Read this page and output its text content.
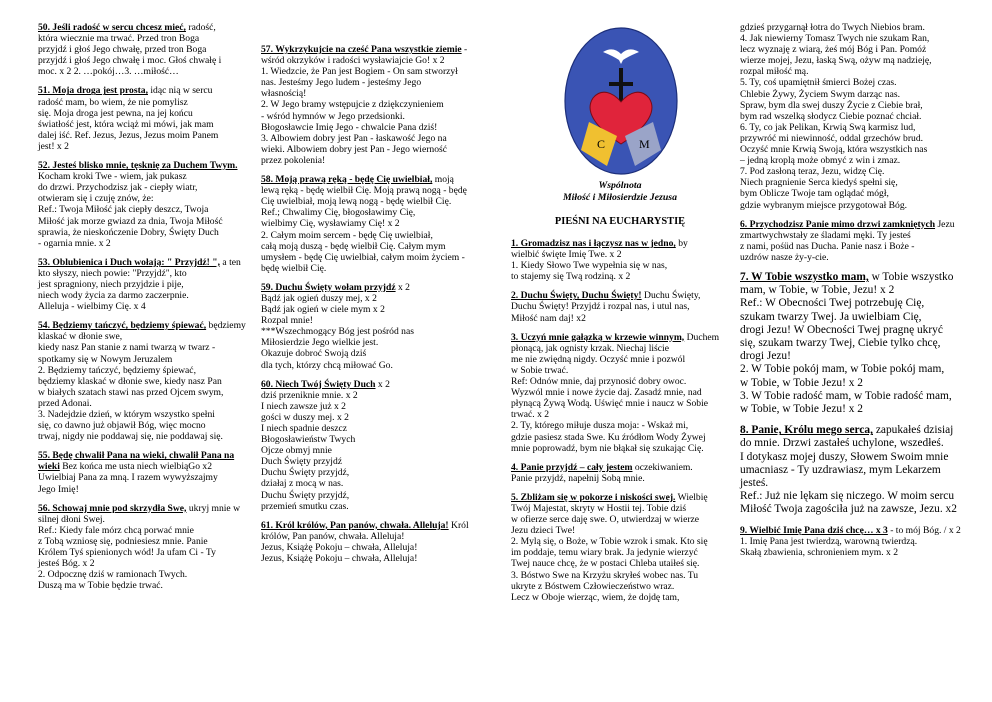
50. Jeśli radość w sercu chcesz mieć, radość,
która wiecznie ma trwać. Przed tron Boga
przyjdź i głoś Jego chwałę, przed tron Boga
przyjdź i głoś Jego chwałę i moc. Głoś chwałę i
moc. x 2 2. …pokój…3. …miłość…
51. Moja droga jest prosta, idąc nią w sercu
radość mam, bo wiem, że nie pomylisz
się. Moja droga jest pewna, na jej końcu
światłość jest, która wciąż mi mówi, jak mam
dalej iść. Ref. Jezus, Jezus, Jezus moim Panem
jest! x 2
52. Jesteś blisko mnie, tęsknię za Duchem Twym. Kocham kroki Twe - wiem, jak pukasz
do drzwi. Przychodzisz jak - ciepły wiatr,
otwieram się i czuję znów, że:
Ref.: Twoja Miłość jak ciepły deszcz, Twoja
Miłość jak morze gwiazd za dnia, Twoja Miłość
sprawia, że nieskończenie Dobry, Święty Duch
- ogarnia mnie. x 2
53. Oblubienica i Duch wołają: " Przyjdź! ", a ten kto słyszy, niech powie: "Przyjdź", kto
jest spragniony, niech przyjdzie i pije,
niech wody życia za darmo zaczerpnie.
Alleluja - wielbimy Cię. x 4
54. Będziemy tańczyć, będziemy śpiewać, będziemy klaskać w dłonie swe,
kiedy nasz Pan stanie z nami twarzą w twarz -
spotkamy się w Nowym Jeruzalem
2. Będziemy tańczyć, będziemy śpiewać,
będziemy klaskać w dłonie swe, kiedy nasz Pan
w białych szatach stawi nas przed Ojcem swym,
przed Adonai.
3. Nadejdzie dzień, w którym wszystko spełni
się, co dawno już objawił Bóg, więc mocno
trwaj, nigdy nie poddawaj się, nie poddawaj się.
55. Będę chwalił Pana na wieki, chwalił Pana na wieki Bez końca me usta niech wielbiąGo x2
Uwielbiaj Pana za mną. I razem wywyższajmy
Jego Imię!
56. Schowaj mnie pod skrzydła Swe, ukryj mnie w silnej dłoni Swej.
Ref.: Kiedy fale mórz chcą porwać mnie
z Tobą wzniosę się, podniesiesz mnie. Panie
Królem Tyś spienionych wód! Ja ufam Ci - Ty
jesteś Bóg. x 2
2. Odpocznę dziś w ramionach Twych.
Duszą ma w Tobie będzie trwać.
57. Wykrzykujcie na cześć Pana wszystkie ziemie - wśród okrzyków i radości wysławiajcie Go! x 2
1. Wiedzcie, że Pan jest Bogiem - On sam stworzył
nas. Jesteśmy Jego ludem - jesteśmy Jego
własnością!
2. W Jego bramy wstępujcie z dziękczynieniem
- wśród hymnów w Jego przedsionki.
Błogosławcie Imię Jego - chwalcie Pana dziś!
3. Albowiem dobry jest Pan - łaskawość Jego na
wieki. Albowiem dobry jest Pan - Jego wierność
przez pokolenia!
58. Moją prawą ręką - będę Cię uwielbiał, moją
lewą ręką - będę wielbił Cię. Moją prawą nogą - będę
Cię uwielbiał, moją lewą nogą - będę wielbił Cię.
Ref.; Chwalimy Cię, błogosławimy Cię,
wielbimy Cię, wysławiamy Cię! x 2
2. Całym moim sercem - będę Cię uwielbiał,
całą moją duszą - będę wielbił Cię. Całym mym
umysłem - będę Cię uwielbiał, całym moim życiem -
będę wielbił Cię.
59. Duchu Święty wołam przyjdź x 2
Bądź jak ogień duszy mej, x 2
Bądź jak ogień w ciele mym x 2
Rozpal mnie!
***Wszechmogący Bóg jest pośród nas
Miłosierdzie Jego wielkie jest.
Okazuje dobroć Swoją dziś
dla tych, którzy chcą miłować Go.
60. Niech Twój Święty Duch x 2
dziś przeniknie mnie. x 2
I niech zawsze już x 2
gości w duszy mej. x 2
I niech spadnie deszcz
Błogosławieństw Twych
Ojcze obmyj mnie
Duch Święty przyjdź
Duchu Święty przyjdź,
działaj z mocą w nas.
Duchu Święty przyjdź,
przemień smutku czas.
61. Król królów, Pan panów, chwała. Alleluja! Król królów, Pan panów, chwała. Alleluja!
Jezus, Książę Pokoju – chwała, Alleluja!
Jezus, Książę Pokoju – chwała, Alleluja!
C	M
Wspólnota
Miłość i Miłosierdzie Jezusa
PIEŚNI NA EUCHARYSTIĘ
1. Gromadzisz nas i łączysz nas w jedno, by
wielbić święte Imię Twe. x 2
1. Kiedy Słowo Twe wypełnia się w nas,
to stajemy się Twą rodziną. x 2
2. Duchu Święty, Duchu Święty! Duchu Święty,
Duchu Święty! Przyjdź i rozpal nas, i utul nas,
Miłość nam daj! x2
3. Uczyń mnie gałązką w krzewie winnym, Duchem płonącą, jak ognisty krzak. Niechaj liście
me nie zwiędną nigdy. Oczyść mnie i pozwól
w Sobie trwać.
Ref: Odnów mnie, daj przynosić dobry owoc.
Wyzwól mnie i nowe życie daj. Zasadź mnie, nad
płynącą Żywą Wodą. Uświęć mnie i naucz w Sobie
trwać. x 2
2. Ty, którego miłuje dusza moja: - Wskaż mi,
gdzie pasiesz stada Swe. Ku źródłom Wody Żywej
mnie poprowadź, bym nie błąkał się szukając Cię.
4. Panie przyjdź – cały jestem oczekiwaniem.
Panie przyjdź, napełnij Sobą mnie.
5. Zbliżam się w pokorze i niskości swej. Wielbię
Twój Majestat, skryty w Hostii tej. Tobie dziś
w ofierze serce daję swe. O, utwierdzaj w wierze
Jezu dzieci Twe!
2. Mylą się, o Boże, w Tobie wzrok i smak. Kto się
im poddaje, temu wiary brak. Ja jedynie wierzyć
Twej nauce chcę, że w postaci Chleba utaiłeś się.
3. Bóstwo Swe na Krzyżu skryłeś wobec nas. Tu
ukryte z Bóstwem Człowieczeństwo wraz.
Lecz w Oboje wierząc, wiem, że dojdę tam,
gdzieś przygarnął łotra do Twych Niebios bram.
4. Jak niewierny Tomasz Twych nie szukam Ran,
lecz wyznaję z wiarą, żeś mój Bóg i Pan. Pomóż
wierze mojej, Jezu, łaską Swą, ożyw mą nadzieję,
rozpal miłość mą.
5. Ty, coś upamiętnił śmierci Bożej czas.
Chlebie Żywy, Życiem Swym darząc nas.
Spraw, bym dla swej duszy Życie z Ciebie brał,
bym rad wszelką słodycz Ciebie poznać chciał.
6. Ty, co jak Pelikan, Krwią Swą karmisz lud,
przywróć mi niewinność, oddal grzechów brud.
Oczyść mnie Krwią Swoją, która wszystkich nas
– jedną kroplą może obmyć z win i zmaz.
7. Pod zasłoną teraz, Jezu, widzę Cię.
Niech pragnienie Serca kiedyś spełni się,
bym Oblicze Twoje tam oglądać mógł,
gdzie wybranym miejsce przygotował Bóg.
6. Przychodzisz Panie mimo drzwi zamkniętych Jezu zmartwychwstały ze śladami męki. Ty jesteś
z nami, pośüd nas Ducha. Panie nasz i Boże -
uzdrów nasze ży-y-cie.
7. W Tobie wszystko mam, w Tobie wszystko
mam, w Tobie, w Tobie, Jezu! x 2
Ref.: W Obecności Twej potrzebuję Cię,
szukam twarzy Twej. Ja uwielbiam Cię,
drogi Jezu! W Obecności Twej pragnę ukryć
się, szukam twarzy Twej, Ciebie tylko chcę,
drogi Jezu!
2. W Tobie pokój mam, w Tobie pokój mam,
w Tobie, w Tobie Jezu! x 2
3. W Tobie radość mam, w Tobie radość mam,
w Tobie, w Tobie Jezu! x 2
8. Panie, Królu mego serca, zapukałeś dzisiaj
do mnie. Drzwi zastałeś uchylone, wszedłeś.
I dotykasz mojej duszy, Słowem Swoim mnie
umacniasz - Ty uzdrawiasz, mym Lekarzem
jesteś.
Ref.: Już nie lękam się niczego. W moim sercu
Miłość Twoja zagościła już na zawsze, Jezu. x2
9. Wielbić Imię Pana dziś chcę… x 3 - to mój Bóg. / x 2
1. Imię Pana jest twierdzą, warowną twierdzą.
Skałą zbawienia, schronieniem mym. x 2
